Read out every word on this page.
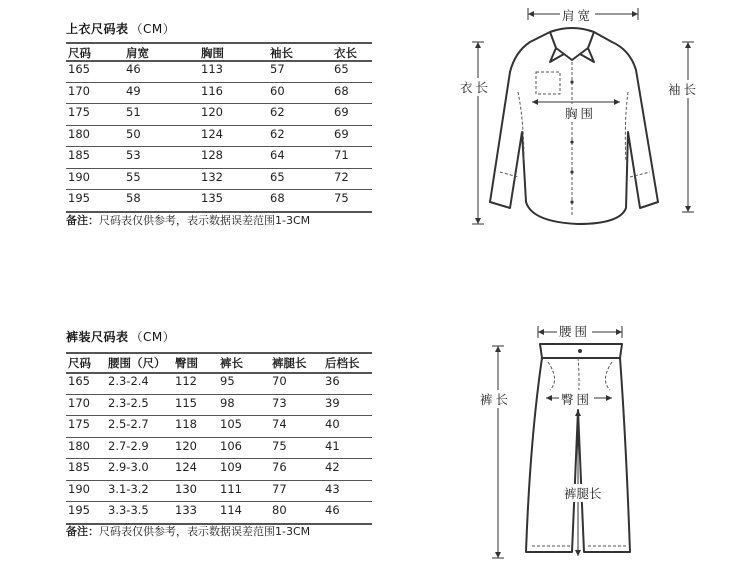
上衣尺码表 （CM）
尺码	肩宽	胸围	袖长	衣长
165	46	113	57	65
170	49	116	60	68
175	51	120	62	69
180	50	124	62	69
185	53	128	64	71
190	55	132	65	72
195	58	135	68	75
备注：尺码表仅供参考，表示数据误差范围1-3CM
裤装尺码表 （CM）
尺码 腰围（尺） 臀围 裤长	裤腿长 后档长
165 2.3-2.4 112 95	70	36
170 2.3-2.5 115 98	73	39
175 2.5-2.7 118 105	74	40
180 2.7-2.9 120 106	75	41
185 2.9-3.0 124 109	76	42
190 3.1-3.2 130 111	77	43
195 3.3-3.5 133 114	80	46
备注：尺码表仅供参考，表示数据误差范围1-3CM
肩宽
衣长
胸围
袖长
腰围
裤长	臀围
裤腿长
